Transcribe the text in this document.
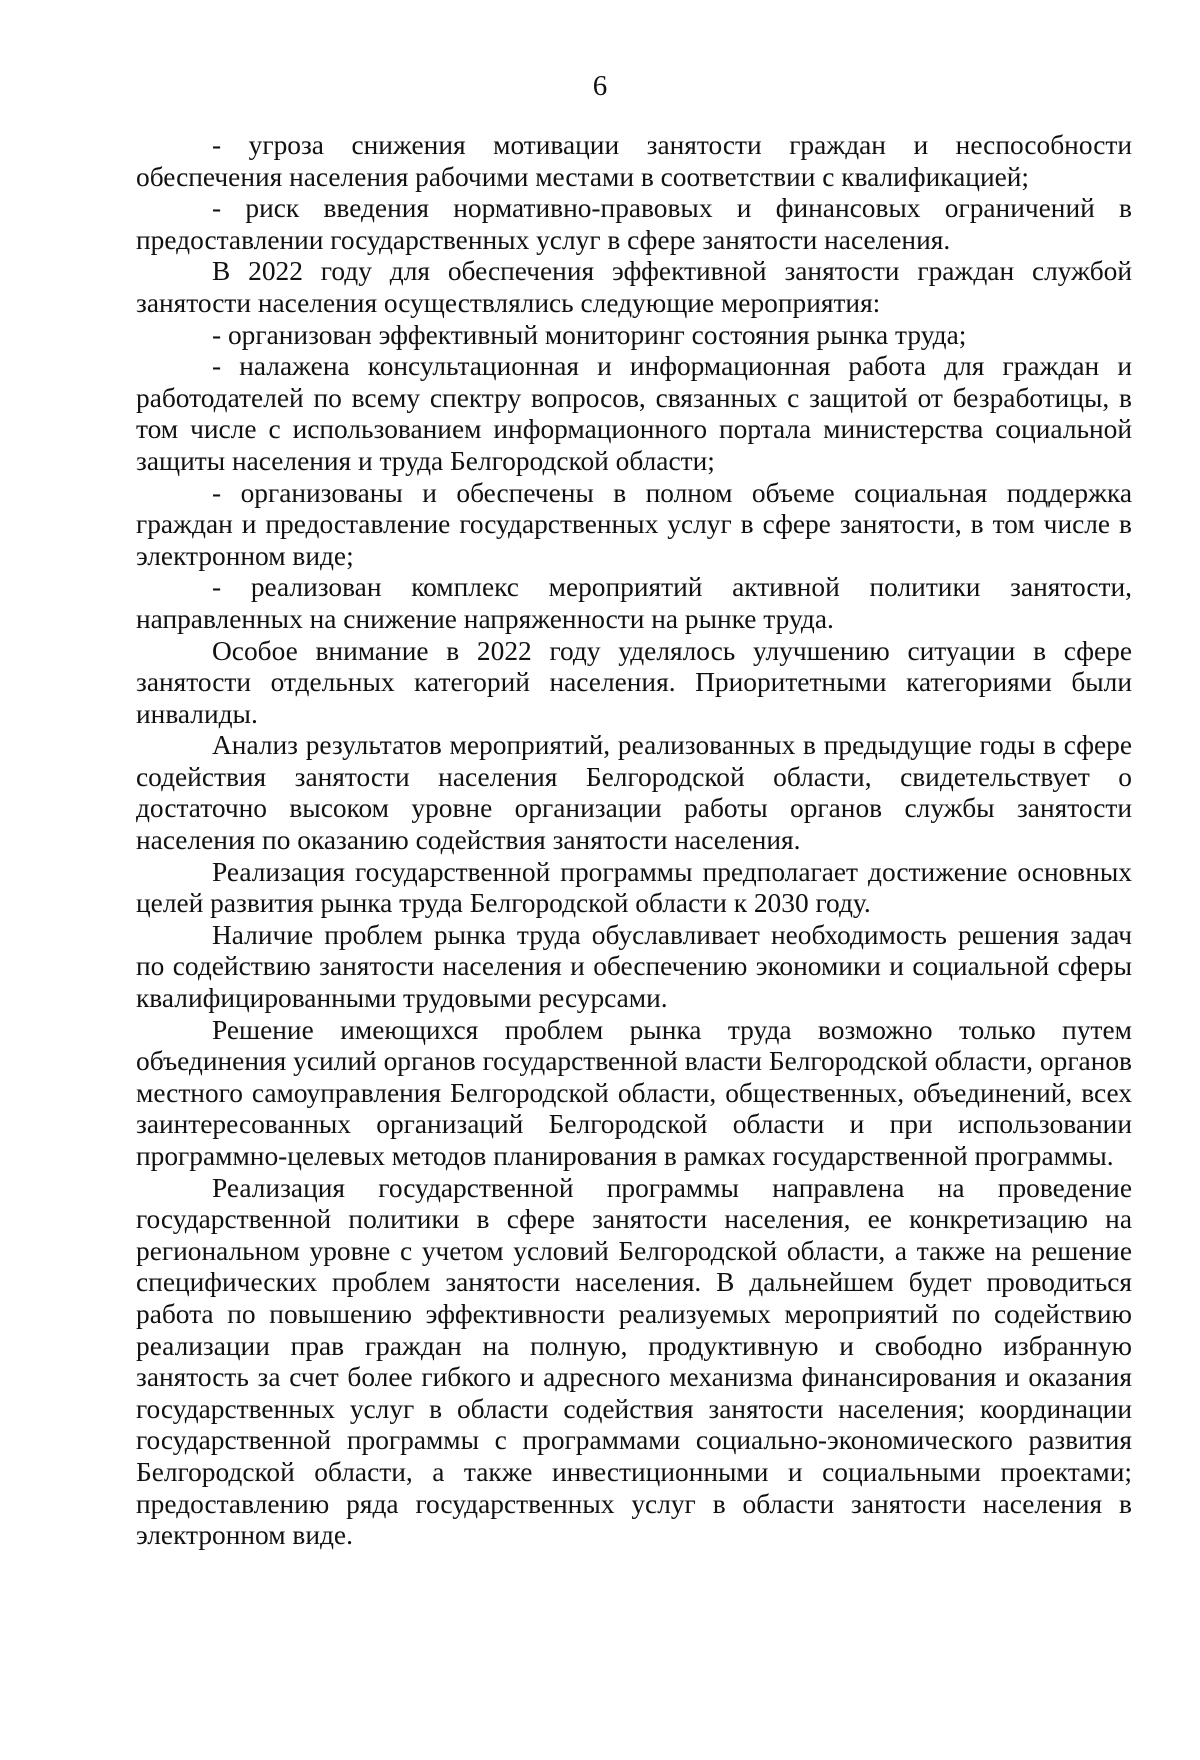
6

- угроза снижения мотивации занятости граждан и неспособности обеспечения населения рабочими местами в соответствии с квалификацией;

- риск введения нормативно-правовых и финансовых ограничений в предоставлении государственных услуг в сфере занятости населения.

В 2022 году для обеспечения эффективной занятости граждан службой занятости населения осуществлялись следующие мероприятия:

- организован эффективный мониторинг состояния рынка труда;

- налажена консультационная и информационная работа для граждан и работодателей по всему спектру вопросов, связанных с защитой от безработицы, в том числе с использованием информационного портала министерства социальной защиты населения и труда Белгородской области;

- организованы и обеспечены в полном объеме социальная поддержка граждан и предоставление государственных услуг в сфере занятости, в том числе в электронном виде;

- реализован комплекс мероприятий активной политики занятости, направленных на снижение напряженности на рынке труда.

Особое внимание в 2022 году уделялось улучшению ситуации в сфере занятости отдельных категорий населения. Приоритетными категориями были инвалиды.

Анализ результатов мероприятий, реализованных в предыдущие годы в сфере содействия занятости населения Белгородской области, свидетельствует о достаточно высоком уровне организации работы органов службы занятости населения по оказанию содействия занятости населения.

Реализация государственной программы предполагает достижение основных целей развития рынка труда Белгородской области к 2030 году.

Наличие проблем рынка труда обуславливает необходимость решения задач по содействию занятости населения и обеспечению экономики и социальной сферы квалифицированными трудовыми ресурсами.

Решение имеющихся проблем рынка труда возможно только путем объединения усилий органов государственной власти Белгородской области, органов местного самоуправления Белгородской области, общественных, объединений, всех заинтересованных организаций Белгородской области и при использовании программно-целевых методов планирования в рамках государственной программы.

Реализация государственной программы направлена на проведение государственной политики в сфере занятости населения, ее конкретизацию на региональном уровне с учетом условий Белгородской области, а также на решение специфических проблем занятости населения. В дальнейшем будет проводиться работа по повышению эффективности реализуемых мероприятий по содействию реализации прав граждан на полную, продуктивную и свободно избранную занятость за счет более гибкого и адресного механизма финансирования и оказания государственных услуг в области содействия занятости населения; координации государственной программы с программами социально-экономического развития Белгородской области, а также инвестиционными и социальными проектами; предоставлению ряда государственных услуг в области занятости населения в электронном виде.
